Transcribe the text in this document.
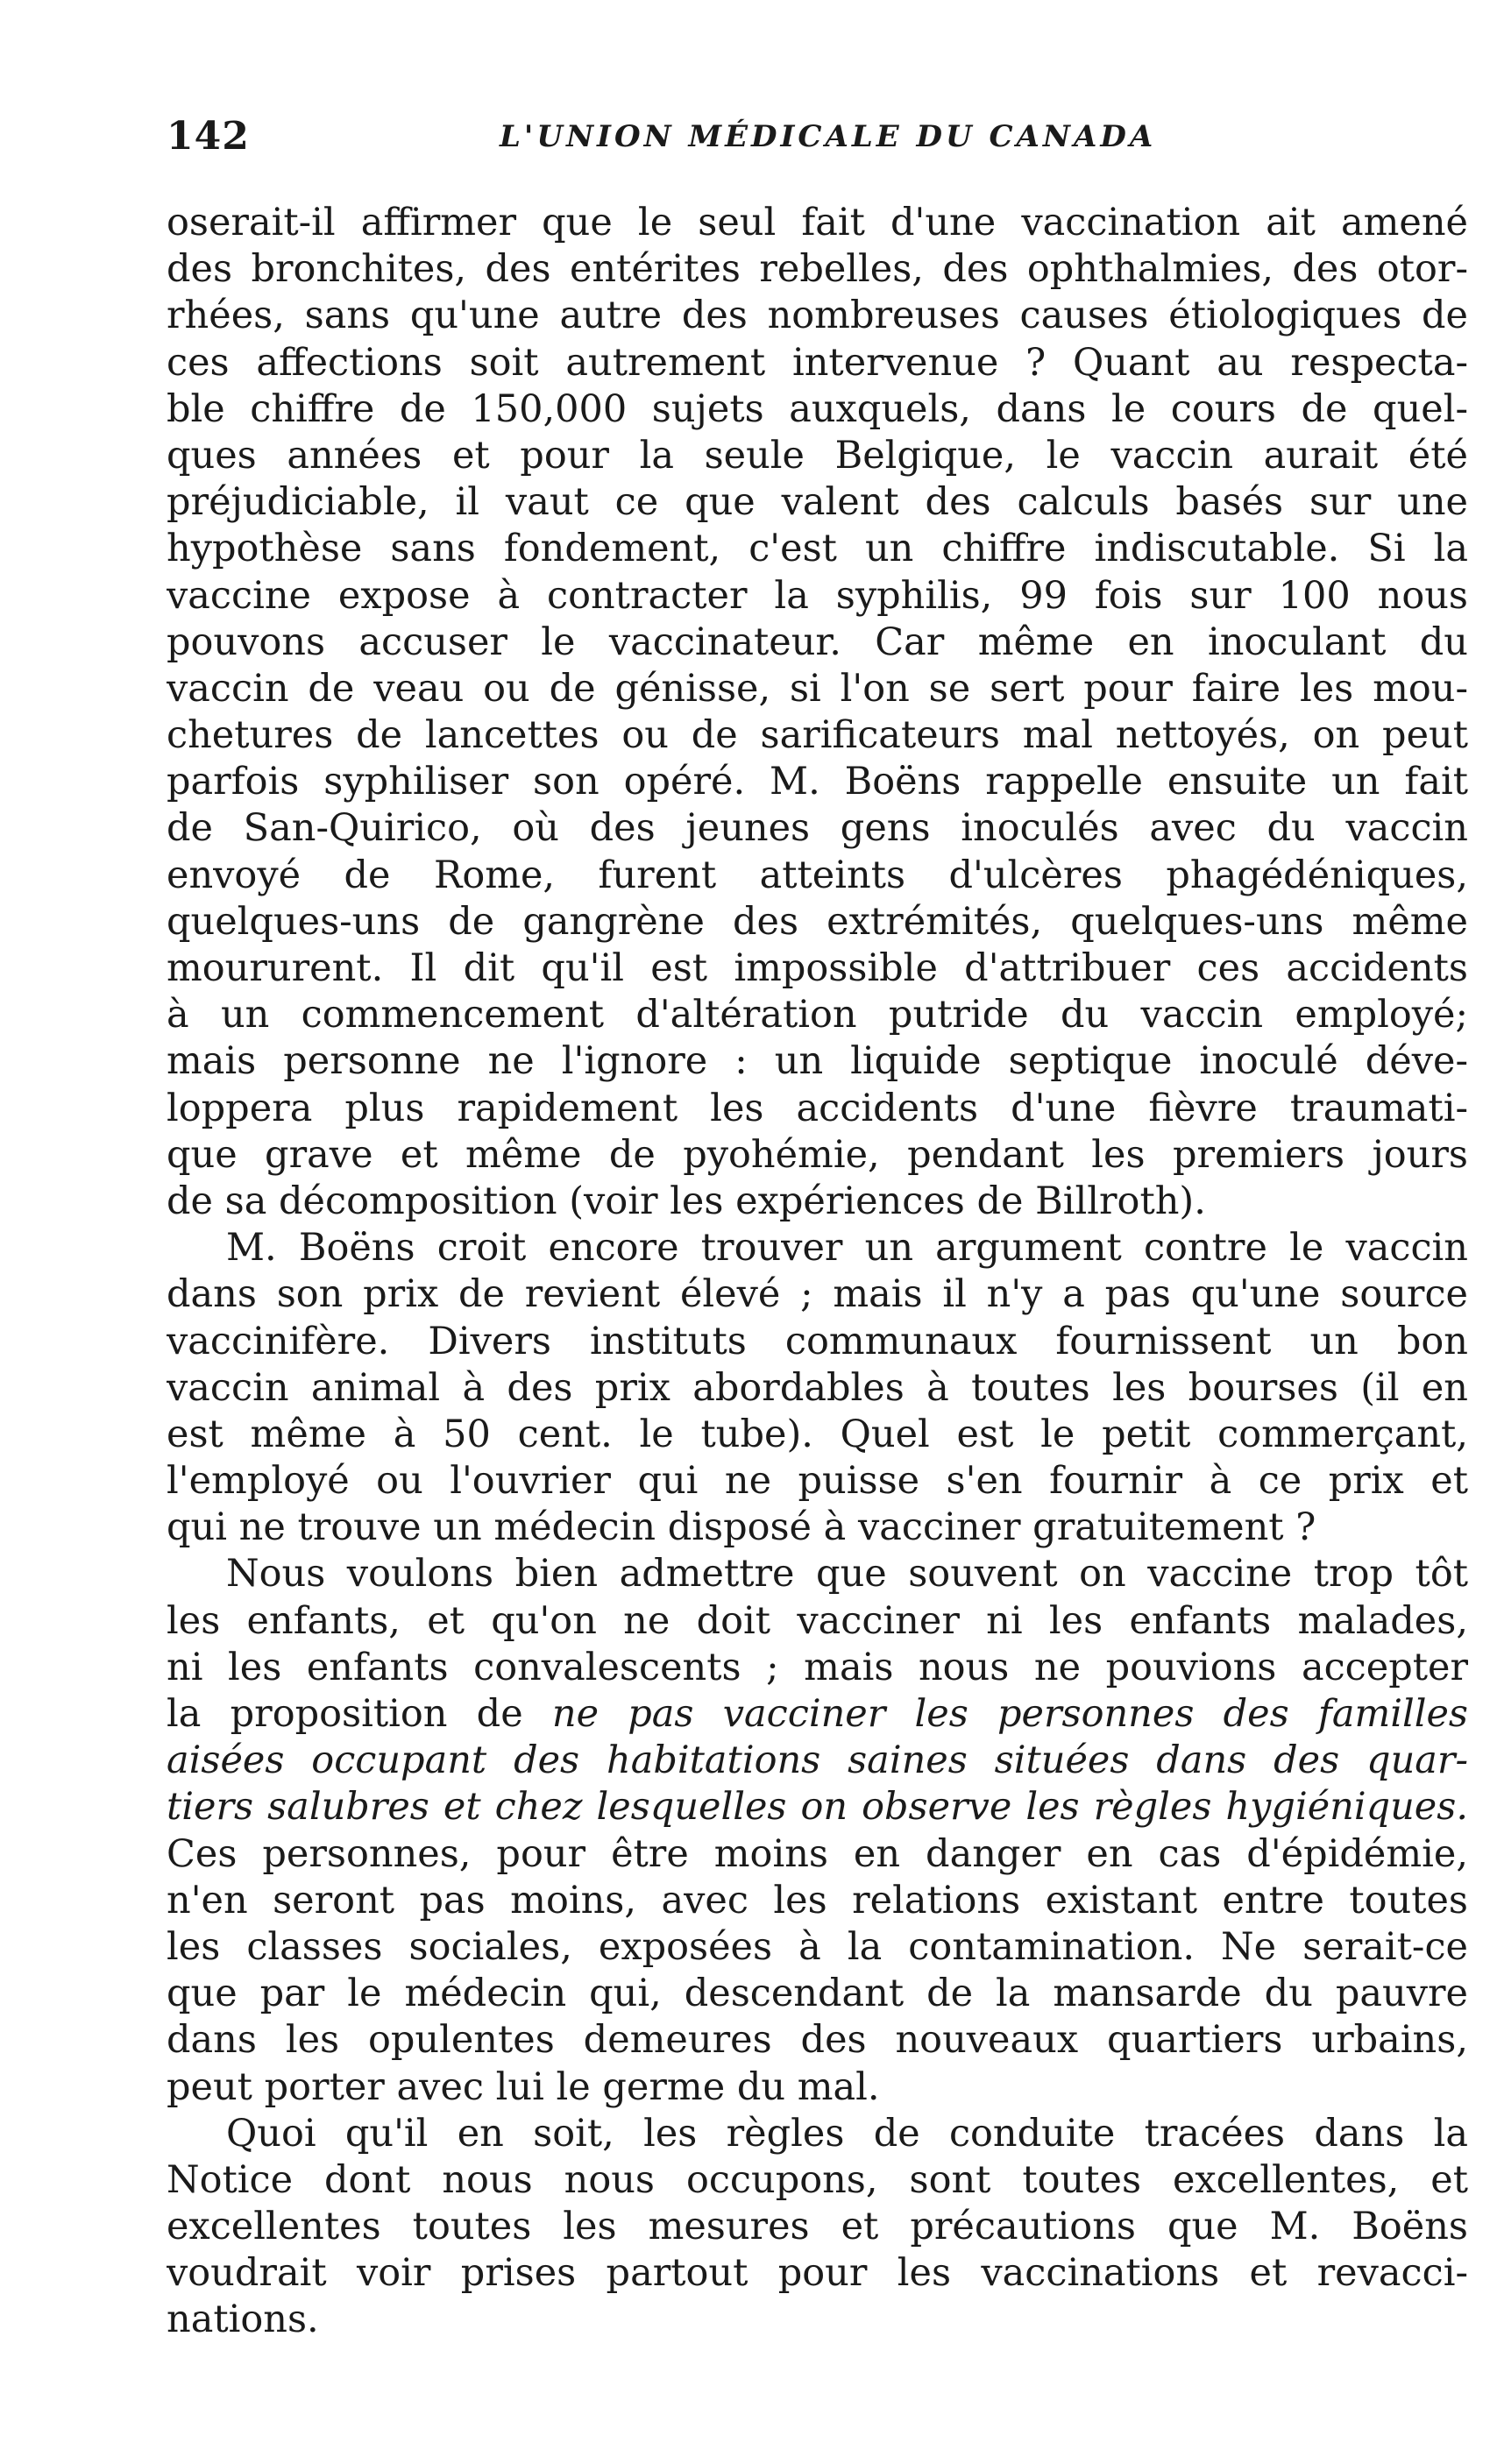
142	L'UNION MÉDICALE DU CANADA
oserait-il affirmer que le seul fait d'une vaccination ait amené
des bronchites, des entérites rebelles, des ophthalmies, des otor-
rhées, sans qu'une autre des nombreuses causes étiologiques de
ces affections soit autrement intervenue ? Quant au respecta-
ble chiffre de 150,000 sujets auxquels, dans le cours de quel-
ques années et pour la seule Belgique, le vaccin aurait été
préjudiciable, il vaut ce que valent des calculs basés sur une
hypothèse sans fondement, c'est un chiffre indiscutable. Si la
vaccine expose à contracter la syphilis, 99 fois sur 100 nous
pouvons accuser le vaccinateur. Car même en inoculant du
vaccin de veau ou de génisse, si l'on se sert pour faire les mou-
chetures de lancettes ou de sarificateurs mal nettoyés, on peut
parfois syphiliser son opéré. M. Boëns rappelle ensuite un fait
de San-Quirico, où des jeunes gens inoculés avec du vaccin
envoyé de Rome, furent atteints d'ulcères phagédéniques,
quelques-uns de gangrène des extrémités, quelques-uns même
moururent. Il dit qu'il est impossible d'attribuer ces accidents
à un commencement d'altération putride du vaccin employé;
mais personne ne l'ignore : un liquide septique inoculé déve-
loppera plus rapidement les accidents d'une fièvre traumati-
que grave et même de pyohémie, pendant les premiers jours
de sa décomposition (voir les expériences de Billroth).
M. Boëns croit encore trouver un argument contre le vaccin
dans son prix de revient élevé ; mais il n'y a pas qu'une source
vaccinifère. Divers instituts communaux fournissent un bon
vaccin animal à des prix abordables à toutes les bourses (il en
est même à 50 cent. le tube). Quel est le petit commerçant,
l'employé ou l'ouvrier qui ne puisse s'en fournir à ce prix et
qui ne trouve un médecin disposé à vacciner gratuitement ?
Nous voulons bien admettre que souvent on vaccine trop tôt
les enfants, et qu'on ne doit vacciner ni les enfants malades,
ni les enfants convalescents ; mais nous ne pouvions accepter
la proposition de ne pas vacciner les personnes des familles
aisées occupant des habitations saines situées dans des quar-
tiers salubres et chez lesquelles on observe les règles hygiéniques.
Ces personnes, pour être moins en danger en cas d'épidémie,
n'en seront pas moins, avec les relations existant entre toutes
les classes sociales, exposées à la contamination. Ne serait-ce
que par le médecin qui, descendant de la mansarde du pauvre
dans les opulentes demeures des nouveaux quartiers urbains,
peut porter avec lui le germe du mal.
Quoi qu'il en soit, les règles de conduite tracées dans la
Notice dont nous nous occupons, sont toutes excellentes, et
excellentes toutes les mesures et précautions que M. Boëns
voudrait voir prises partout pour les vaccinations et revacci-
nations.
